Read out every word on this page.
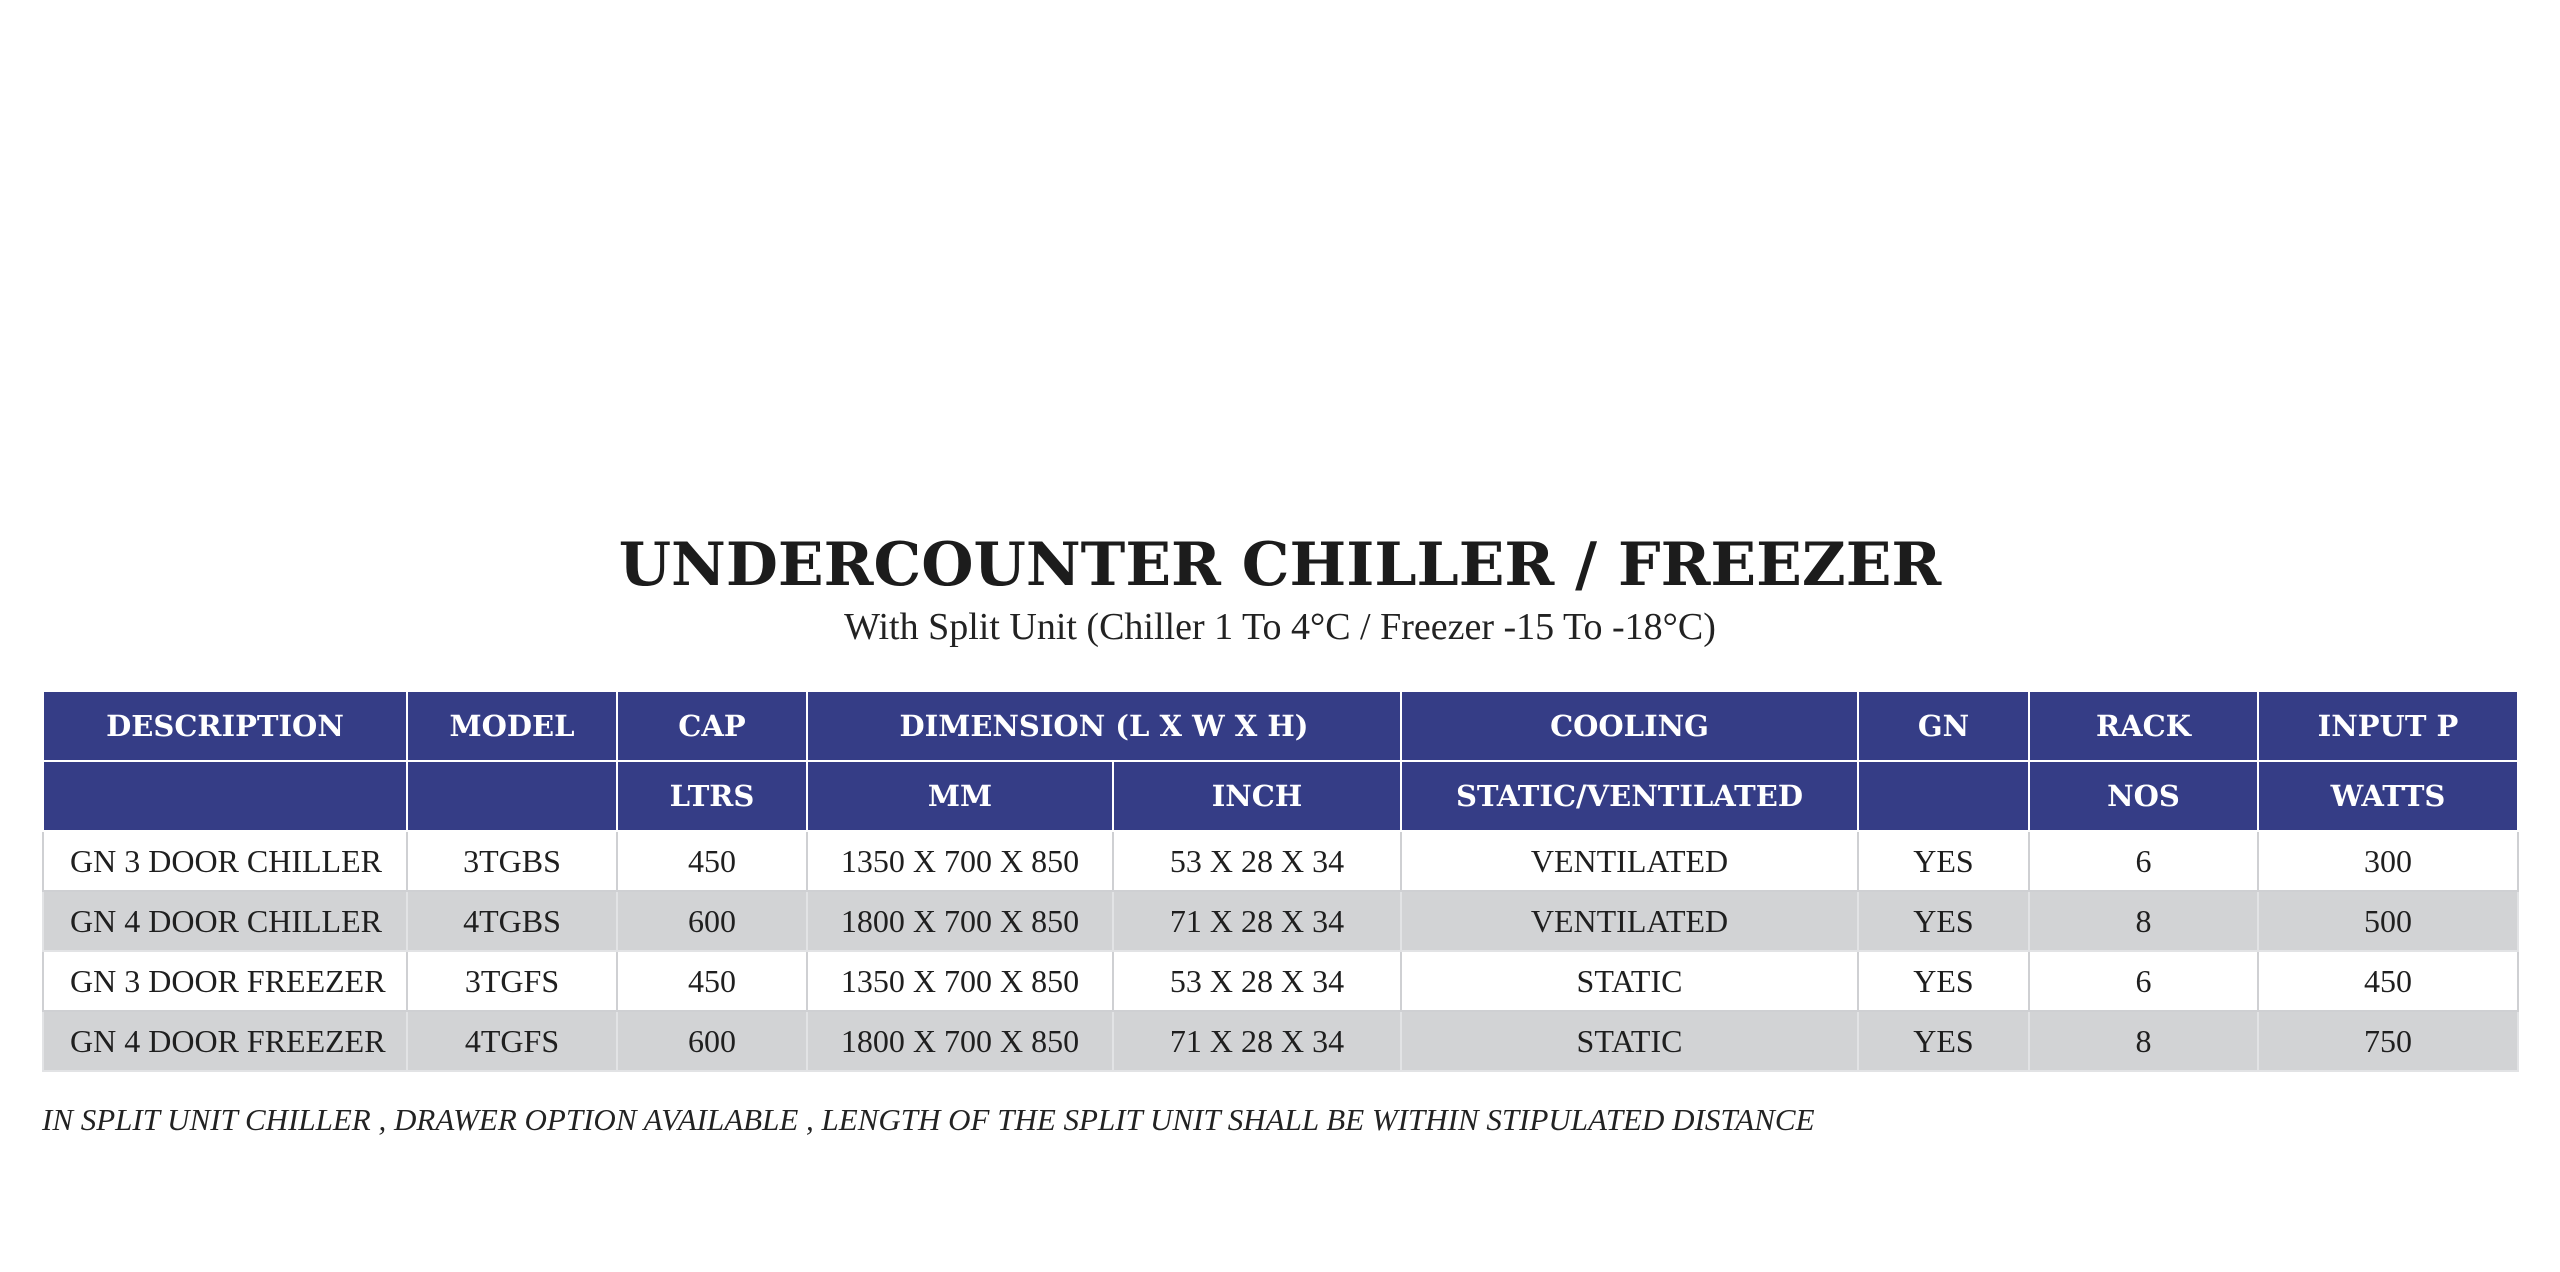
UNDERCOUNTER CHILLER / FREEZER
With Split Unit (Chiller 1 To 4°C / Freezer -15 To -18°C)
DESCRIPTION	MODEL	CAP	DIMENSION (L X W X H)		COOLING	GN	RACK	INPUT P
		LTRS	MM	INCH	STATIC/VENTILATED		NOS	WATTS
GN 3 DOOR CHILLER	3TGBS	450	1350 X 700 X 850	53 X 28 X 34	VENTILATED	YES	6	300
GN 4 DOOR CHILLER	4TGBS	600	1800 X 700 X 850	71 X 28 X 34	VENTILATED	YES	8	500
GN 3 DOOR FREEZER	3TGFS	450	1350 X 700 X 850	53 X 28 X 34	STATIC	YES	6	450
GN 4 DOOR FREEZER	4TGFS	600	1800 X 700 X 850	71 X 28 X 34	STATIC	YES	8	750
IN SPLIT UNIT CHILLER , DRAWER OPTION AVAILABLE , LENGTH OF THE SPLIT UNIT SHALL BE WITHIN STIPULATED DISTANCE
